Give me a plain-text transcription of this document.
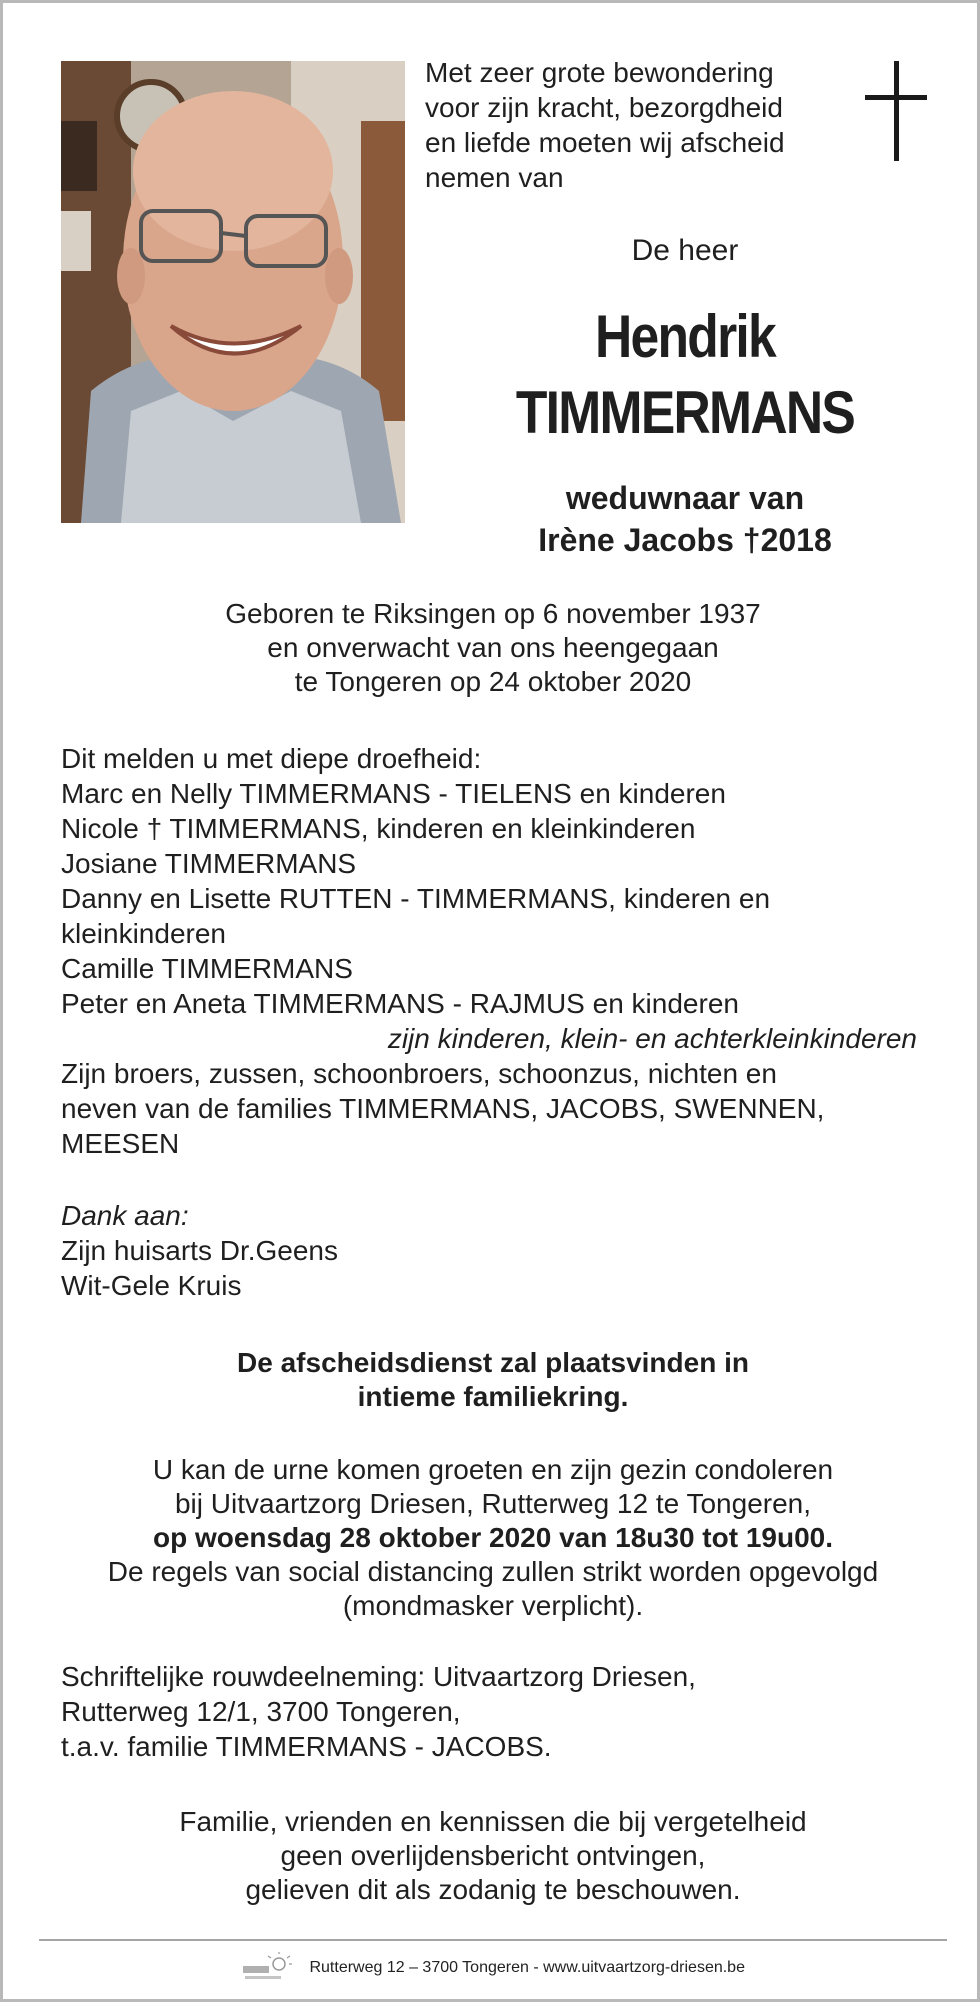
Met zeer grote bewondering
voor zijn kracht, bezorgdheid
en liefde moeten wij afscheid
nemen van
De heer
Hendrik
TIMMERMANS
weduwnaar van
Irène Jacobs †2018
Geboren te Riksingen op 6 november 1937
en onverwacht van ons heengegaan
te Tongeren op 24 oktober 2020
Dit melden u met diepe droefheid:
Marc en Nelly TIMMERMANS - TIELENS en kinderen
Nicole † TIMMERMANS, kinderen en kleinkinderen
Josiane TIMMERMANS
Danny en Lisette RUTTEN - TIMMERMANS, kinderen en
kleinkinderen
Camille TIMMERMANS
Peter en Aneta TIMMERMANS - RAJMUS en kinderen
zijn kinderen, klein- en achterkleinkinderen
Zijn broers, zussen, schoonbroers, schoonzus, nichten en
neven van de families TIMMERMANS, JACOBS, SWENNEN,
MEESEN
Dank aan:
Zijn huisarts Dr.Geens
Wit-Gele Kruis
De afscheidsdienst zal plaatsvinden in
intieme familiekring.
U kan de urne komen groeten en zijn gezin condoleren
bij Uitvaartzorg Driesen, Rutterweg 12 te Tongeren,
op woensdag 28 oktober 2020 van 18u30 tot 19u00.
De regels van social distancing zullen strikt worden opgevolgd
(mondmasker verplicht).
Schriftelijke rouwdeelneming: Uitvaartzorg Driesen,
Rutterweg 12/1, 3700 Tongeren,
t.a.v. familie TIMMERMANS - JACOBS.
Familie, vrienden en kennissen die bij vergetelheid
geen overlijdensbericht ontvingen,
gelieven dit als zodanig te beschouwen.
Rutterweg 12 – 3700 Tongeren - www.uitvaartzorg-driesen.be
